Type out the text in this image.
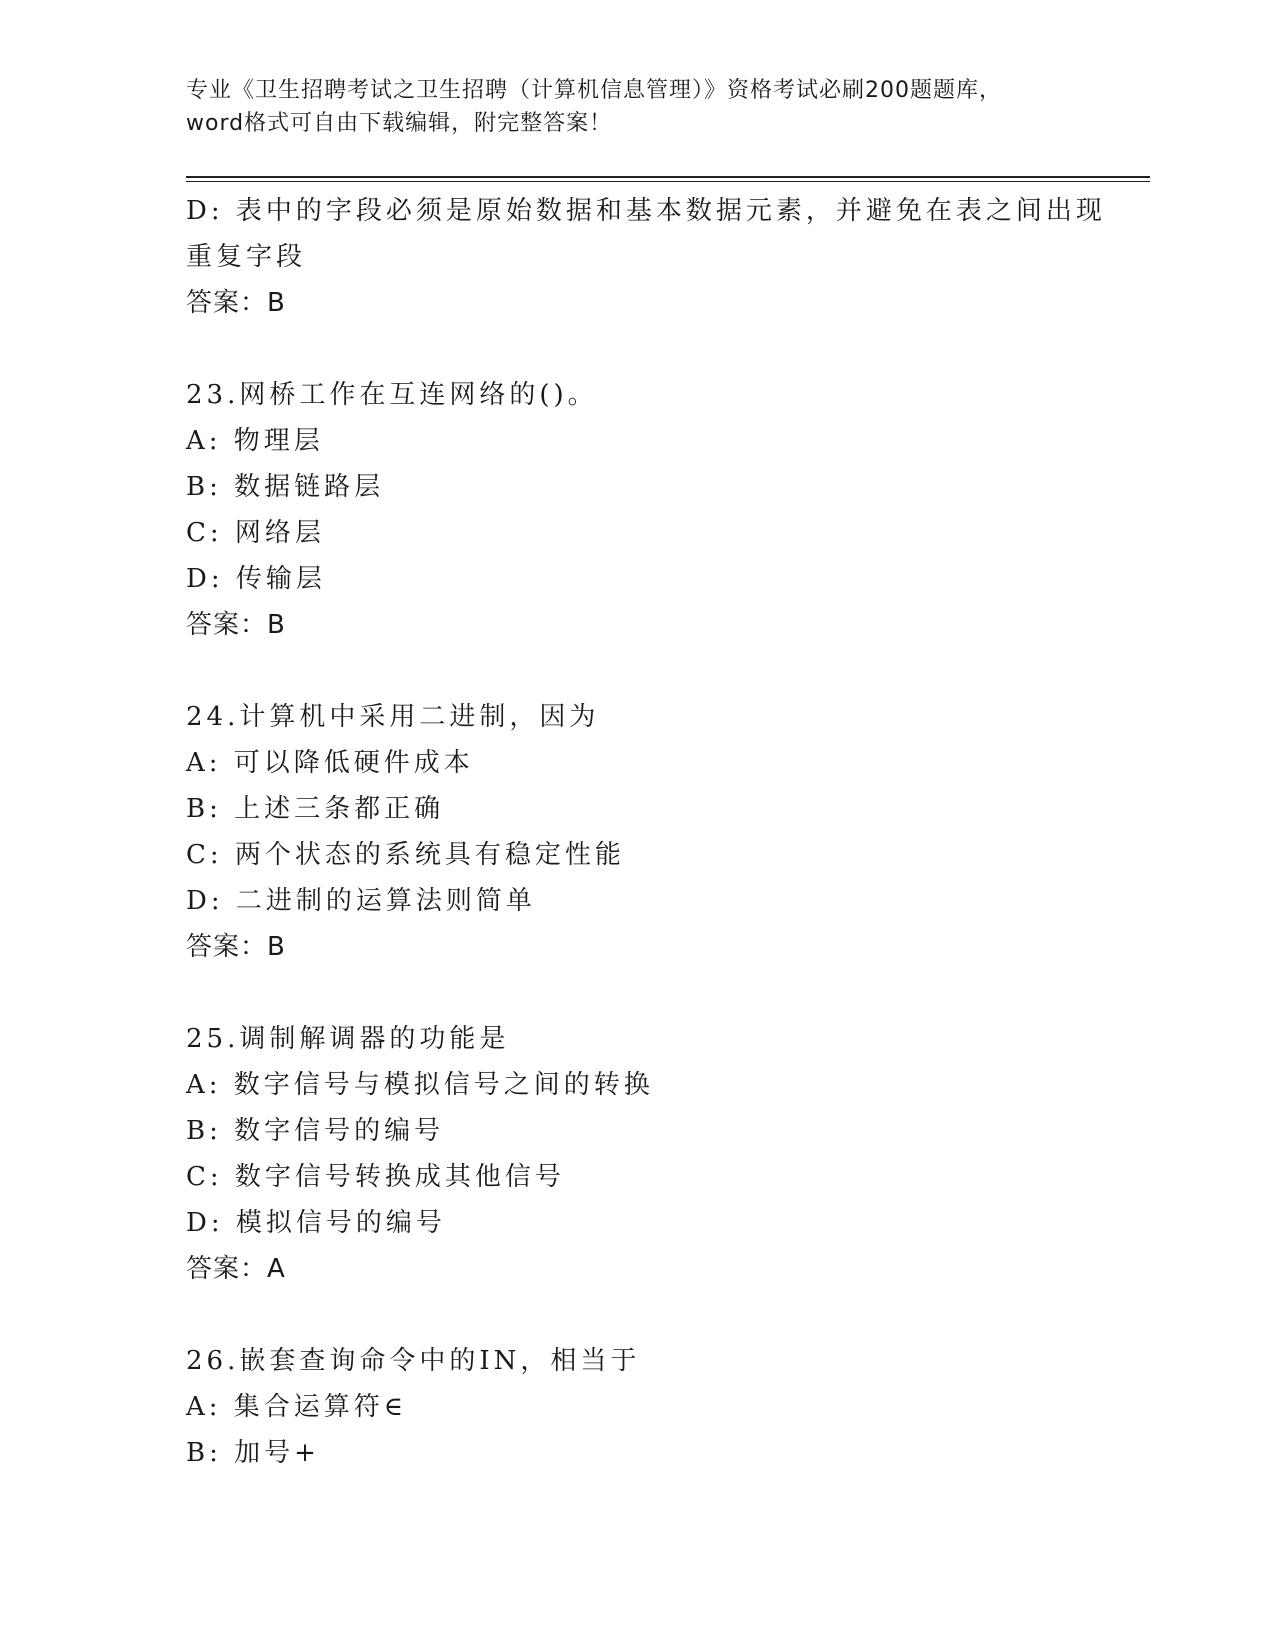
专业《卫生招聘考试之卫生招聘（计算机信息管理）》资格考试必刷200题题库，
word格式可自由下载编辑，附完整答案！
D: 表中的字段必须是原始数据和基本数据元素，并避免在表之间出现
重复字段
答案：B
23.网桥工作在互连网络的()。
A: 物理层
B: 数据链路层
C: 网络层
D: 传输层
答案：B
24.计算机中采用二进制，因为
A: 可以降低硬件成本
B: 上述三条都正确
C: 两个状态的系统具有稳定性能
D: 二进制的运算法则简单
答案：B
25.调制解调器的功能是
A: 数字信号与模拟信号之间的转换
B: 数字信号的编号
C: 数字信号转换成其他信号
D: 模拟信号的编号
答案：A
26.嵌套查询命令中的IN，相当于
A: 集合运算符∈
B: 加号+
